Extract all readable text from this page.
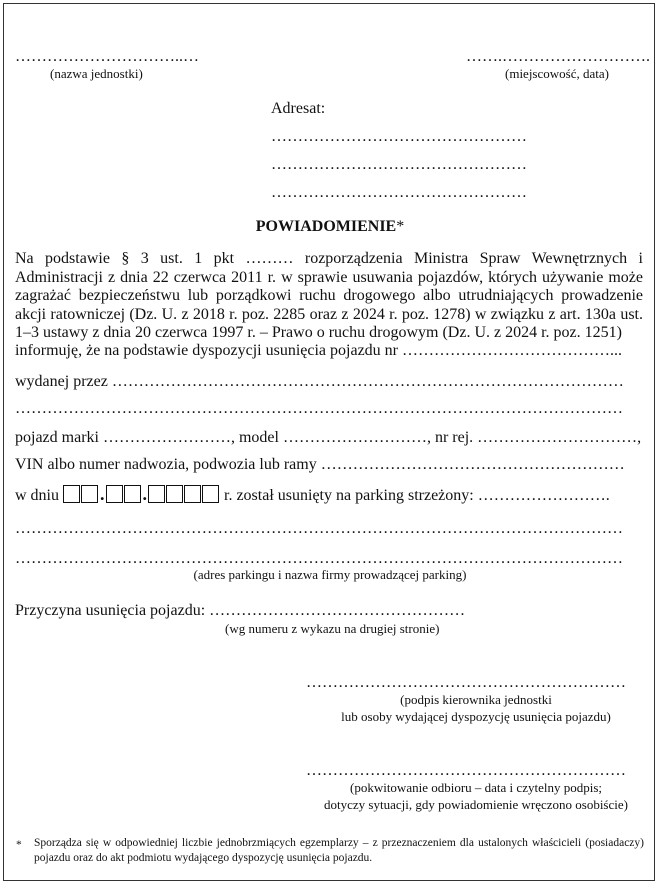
…………………………..…
(nazwa jednostki)
…….……………………….
(miejscowość, data)
Adresat:
…………………………………………
…………………………………………
…………………………………………
POWIADOMIENIE*
Na podstawie § 3 ust. 1 pkt ……… rozporządzenia Ministra Spraw Wewnętrznych i Administracji z dnia 22 czerwca 2011 r. w sprawie usuwania pojazdów, których używanie może zagrażać bezpieczeństwu lub porządkowi ruchu drogowego albo utrudniających prowadzenie akcji ratowniczej (Dz. U. z 2018 r. poz. 2285 oraz z 2024 r. poz. 1278) w związku z art. 130a ust. 1–3 ustawy z dnia 20 czerwca 1997 r. – Prawo o ruchu drogowym (Dz. U. z 2024 r. poz. 1251)
informuję, że na podstawie dyspozycji usunięcia pojazdu nr …………………………………...
wydanej przez ……………………………………………………………………………………
……………………………………………………………………………………………………
pojazd marki ……………………, model ………………………, nr rej. …………………………,
VIN albo numer nadwozia, podwozia lub ramy …………………………………………………
w dniu . .	r. został usunięty na parking strzeżony: …………………….
……………………………………………………………………………………………………
……………………………………………………………………………………………………
(adres parkingu i nazwa firmy prowadzącej parking)
Przyczyna usunięcia pojazdu: …………………………………………
(wg numeru z wykazu na drugiej stronie)
……………………………………………………
(podpis kierownika jednostki
lub osoby wydającej dyspozycję usunięcia pojazdu)
……………………………………………………
(pokwitowanie odbioru – data i czytelny podpis;
dotyczy sytuacji, gdy powiadomienie wręczono osobiście)
* Sporządza się w odpowiedniej liczbie jednobrzmiących egzemplarzy – z przeznaczeniem dla ustalonych właścicieli (posiadaczy) pojazdu oraz do akt podmiotu wydającego dyspozycję usunięcia pojazdu.
